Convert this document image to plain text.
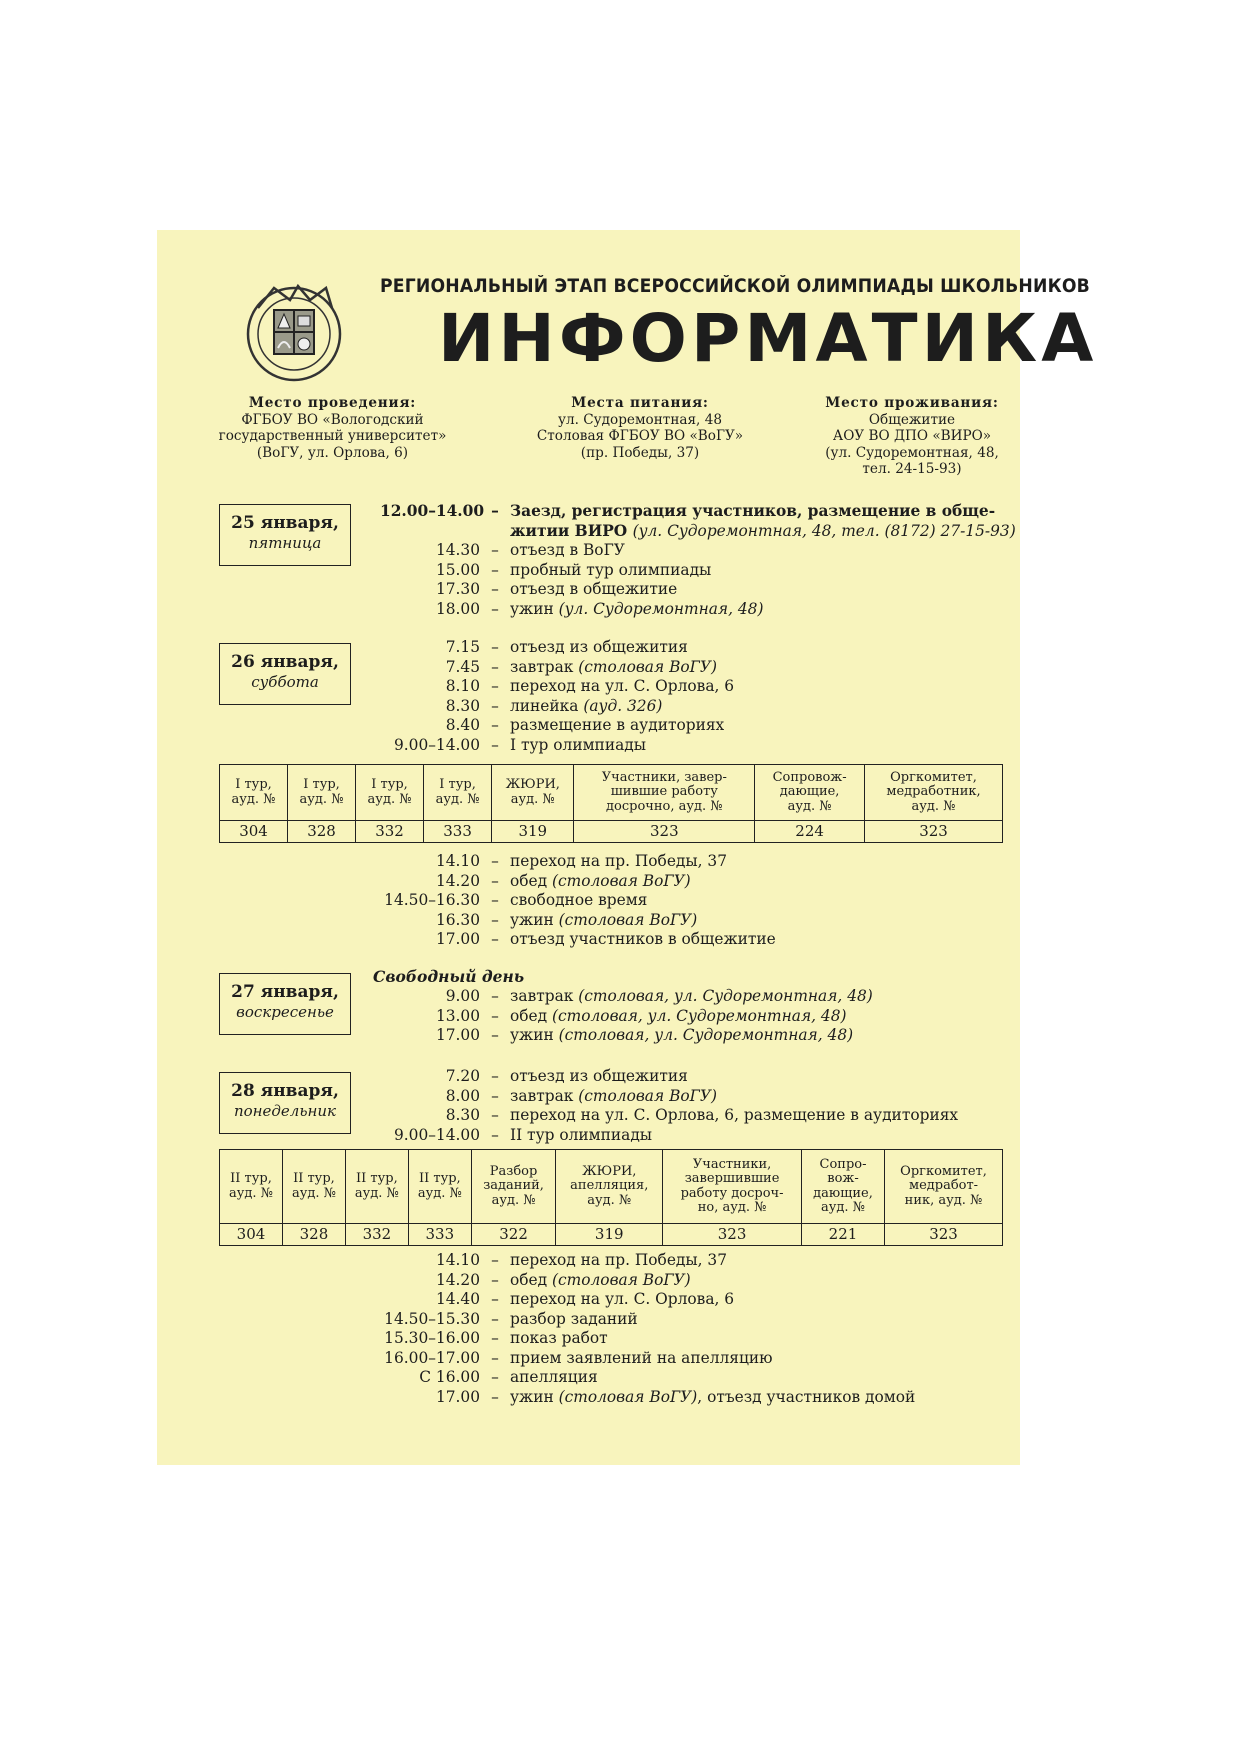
РЕГИОНАЛЬНЫЙ ЭТАП ВСЕРОССИЙСКОЙ ОЛИМПИАДЫ ШКОЛЬНИКОВ
ИНФОРМАТИКА
Место проведения:
ФГБОУ ВО «Вологодский
государственный университет»
(ВоГУ, ул. Орлова, 6)
Места питания:
ул. Судоремонтная, 48
Столовая ФГБОУ ВО «ВоГУ»
(пр. Победы, 37)
Место проживания:
Общежитие
АОУ ВО ДПО «ВИРО»
(ул. Судоремонтная, 48,
тел. 24-15-93)
25 января,
пятница
26 января,
суббота
27 января,
воскресенье
28 января,
понедельник
12.00–14.00 – Заезд, регистрация участников, размещение в обще-
житии ВИРО (ул. Судоремонтная, 48, тел. (8172) 27-15-93)
14.30 – отъезд в ВоГУ
15.00 – пробный тур олимпиады
17.30 – отъезд в общежитие
18.00 – ужин (ул. Судоремонтная, 48)
7.15 – отъезд из общежития
7.45 – завтрак (столовая ВоГУ)
8.10 – переход на ул. С. Орлова, 6
8.30 – линейка (ауд. 326)
8.40 – размещение в аудиториях
9.00–14.00 – I тур олимпиады
I тур,
ауд. №	I тур,
ауд. №	I тур,
ауд. №	I тур,
ауд. №	ЖЮРИ,
ауд. №	Участники, завер-
шившие работу
досрочно, ауд. №	Сопровож-
дающие,
ауд. №	Оргкомитет,
медработник,
ауд. №
304	328	332	333	319	323	224	323
14.10 – переход на пр. Победы, 37
14.20 – обед (столовая ВоГУ)
14.50–16.30 – свободное время
16.30 – ужин (столовая ВоГУ)
17.00 – отъезд участников в общежитие
Свободный день
9.00 – завтрак (столовая, ул. Судоремонтная, 48)
13.00 – обед (столовая, ул. Судоремонтная, 48)
17.00 – ужин (столовая, ул. Судоремонтная, 48)
7.20 – отъезд из общежития
8.00 – завтрак (столовая ВоГУ)
8.30 – переход на ул. С. Орлова, 6, размещение в аудиториях
9.00–14.00 – II тур олимпиады
II тур,
ауд. №	II тур,
ауд. №	II тур,
ауд. №	II тур,
ауд. №	Разбор
заданий,
ауд. №	ЖЮРИ,
апелляция,
ауд. №	Участники,
завершившие
работу досроч-
но, ауд. №	Сопро-
вож-
дающие,
ауд. №	Оргкомитет,
медработ-
ник, ауд. №
304	328	332	333	322	319	323	221	323
14.10 – переход на пр. Победы, 37
14.20 – обед (столовая ВоГУ)
14.40 – переход на ул. С. Орлова, 6
14.50–15.30 – разбор заданий
15.30–16.00 – показ работ
16.00–17.00 – прием заявлений на апелляцию
С 16.00 – апелляция
17.00 – ужин (столовая ВоГУ), отъезд участников домой
